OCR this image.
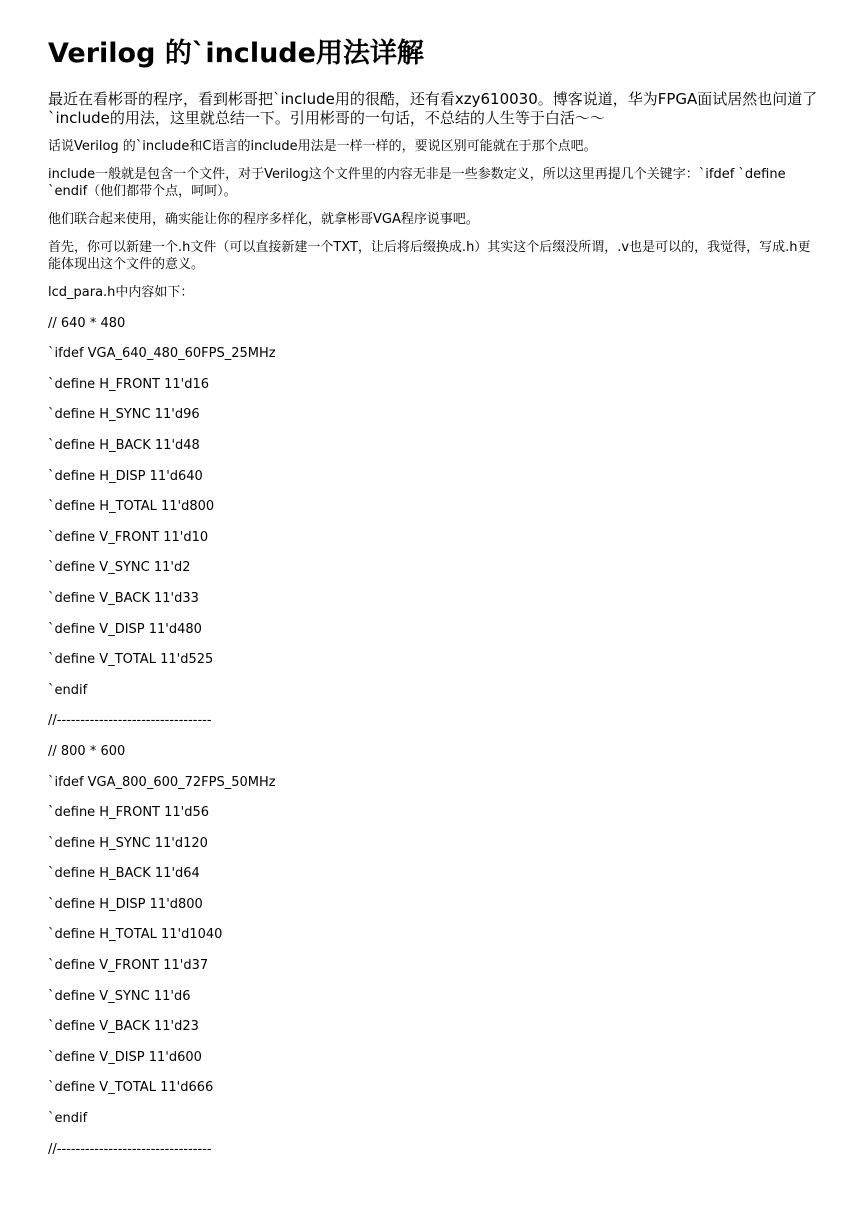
Verilog 的`include用法详解

最近在看彬哥的程序，看到彬哥把`include用的很酷，还有看xzy610030。博客说道，华为FPGA面试居然也问道了`include的用法，这里就总结一下。引用彬哥的一句话，不总结的人生等于白活～～

话说Verilog 的`include和C语言的include用法是一样一样的，要说区别可能就在于那个点吧。

include一般就是包含一个文件，对于Verilog这个文件里的内容无非是一些参数定义，所以这里再提几个关键字：`ifdef `define `endif（他们都带个点，呵呵）。

他们联合起来使用，确实能让你的程序多样化，就拿彬哥VGA程序说事吧。

首先，你可以新建一个.h文件（可以直接新建一个TXT，让后将后缀换成.h）其实这个后缀没所谓，.v也是可以的，我觉得，写成.h更能体现出这个文件的意义。

lcd_para.h中内容如下：
// 640 * 480
`ifdef VGA_640_480_60FPS_25MHz
`define H_FRONT 11'd16
`define H_SYNC 11'd96
`define H_BACK 11'd48
`define H_DISP 11'd640
`define H_TOTAL 11'd800
`define V_FRONT 11'd10
`define V_SYNC 11'd2
`define V_BACK 11'd33
`define V_DISP 11'd480
`define V_TOTAL 11'd525
`endif
//---------------------------------
// 800 * 600
`ifdef VGA_800_600_72FPS_50MHz
`define H_FRONT 11'd56
`define H_SYNC 11'd120
`define H_BACK 11'd64
`define H_DISP 11'd800
`define H_TOTAL 11'd1040
`define V_FRONT 11'd37
`define V_SYNC 11'd6
`define V_BACK 11'd23
`define V_DISP 11'd600
`define V_TOTAL 11'd666
`endif
//---------------------------------
